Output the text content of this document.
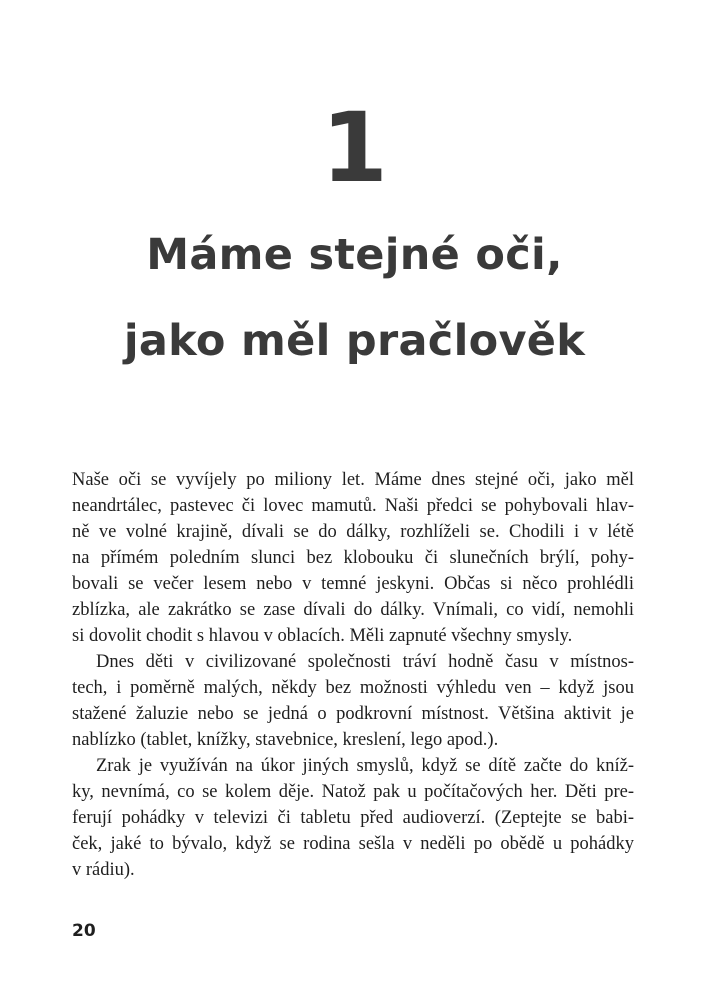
1
Máme stejné oči,
jako měl pračlověk
Naše oči se vyvíjely po miliony let. Máme dnes stejné oči, jako měl
neandrtálec, pastevec či lovec mamutů. Naši předci se pohybovali hlav-
ně ve volné krajině, dívali se do dálky, rozhlíželi se. Chodili i v létě
na přímém poledním slunci bez klobouku či slunečních brýlí, pohy-
bovali se večer lesem nebo v temné jeskyni. Občas si něco prohlédli
zblízka, ale zakrátko se zase dívali do dálky. Vnímali, co vidí, nemohli
si dovolit chodit s hlavou v oblacích. Měli zapnuté všechny smysly.
Dnes děti v civilizované společnosti tráví hodně času v místnos-
tech, i poměrně malých, někdy bez možnosti výhledu ven – když jsou
stažené žaluzie nebo se jedná o podkrovní místnost. Většina aktivit je
nablízko (tablet, knížky, stavebnice, kreslení, lego apod.).
Zrak je využíván na úkor jiných smyslů, když se dítě začte do kníž-
ky, nevnímá, co se kolem děje. Natož pak u počítačových her. Děti pre-
ferují pohádky v televizi či tabletu před audioverzí. (Zeptejte se babi-
ček, jaké to bývalo, když se rodina sešla v neděli po obědě u pohádky
v rádiu).
20
